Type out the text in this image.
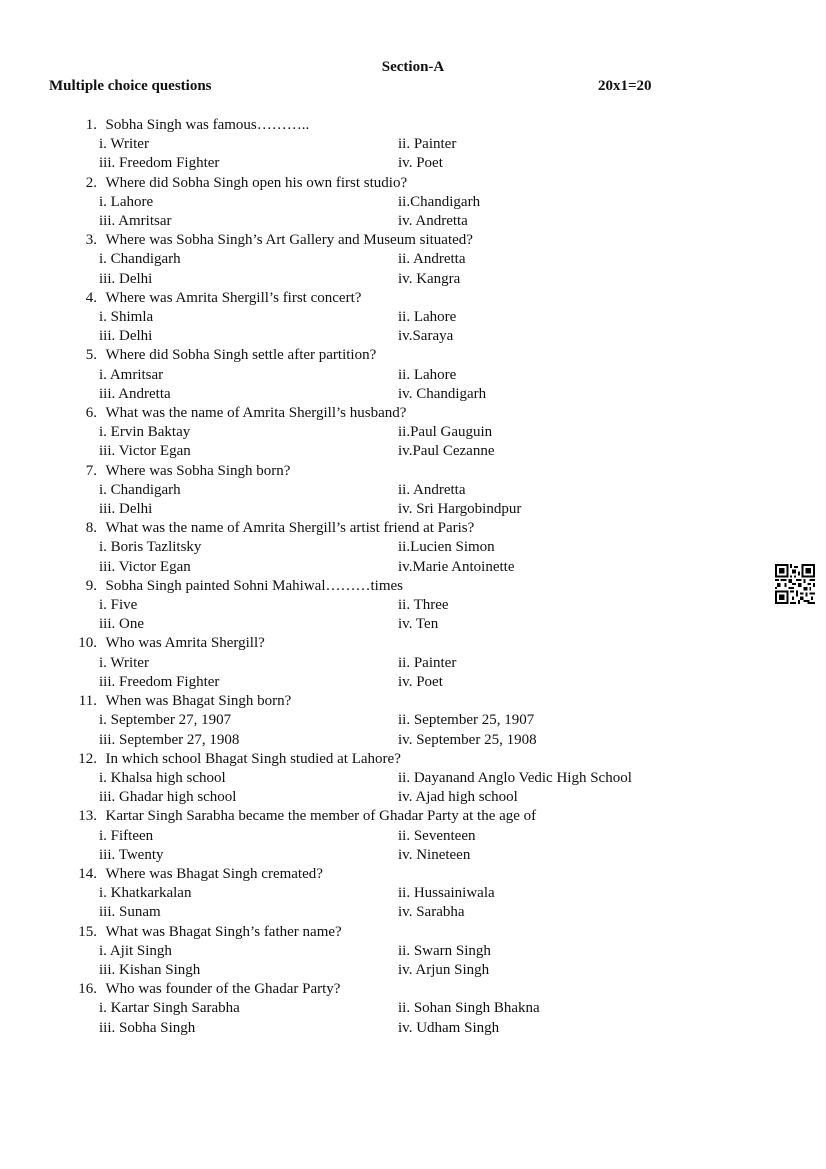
Section-A
Multiple choice questions	20x1=20
1.
Sobha Singh was famous………..
i. Writer	ii. Painter
iii. Freedom Fighter	iv. Poet
2.
Where did Sobha Singh open his own first studio?
i. Lahore	ii.Chandigarh
iii. Amritsar	iv. Andretta
3.
Where was Sobha Singh’s Art Gallery and Museum situated?
i. Chandigarh	ii. Andretta
iii. Delhi	iv. Kangra
4.
Where was Amrita Shergill’s first concert?
i. Shimla	ii. Lahore
iii. Delhi	iv.Saraya
5.
Where did Sobha Singh settle after partition?
i. Amritsar	ii. Lahore
iii. Andretta	iv. Chandigarh
6.
What was the name of Amrita Shergill’s husband?
i. Ervin Baktay	ii.Paul Gauguin
iii. Victor Egan	iv.Paul Cezanne
7.
Where was Sobha Singh born?
i. Chandigarh	ii. Andretta
iii. Delhi	iv. Sri Hargobindpur
8.
What was the name of Amrita Shergill’s artist friend at Paris?
i. Boris Tazlitsky	ii.Lucien Simon
iii. Victor Egan	iv.Marie Antoinette
9.
Sobha Singh painted Sohni Mahiwal………times
i. Five	ii. Three
iii. One	iv. Ten
10.
Who was Amrita Shergill?
i. Writer	ii. Painter
iii. Freedom Fighter	iv. Poet
11.
When was Bhagat Singh born?
i. September 27, 1907	ii. September 25, 1907
iii. September 27, 1908	iv. September 25, 1908
12.
In which school Bhagat Singh studied at Lahore?
i. Khalsa high school	ii. Dayanand Anglo Vedic High School
iii. Ghadar high school	iv. Ajad high school
13.
Kartar Singh Sarabha became the member of Ghadar Party at the age of
i. Fifteen	ii. Seventeen
iii. Twenty	iv. Nineteen
14.
Where was Bhagat Singh cremated?
i. Khatkarkalan	ii. Hussainiwala
iii. Sunam	iv. Sarabha
15.
What was Bhagat Singh’s father name?
i. Ajit Singh	ii. Swarn Singh
iii. Kishan Singh	iv. Arjun Singh
16.
Who was founder of the Ghadar Party?
i. Kartar Singh Sarabha	ii. Sohan Singh Bhakna
iii. Sobha Singh	iv. Udham Singh
